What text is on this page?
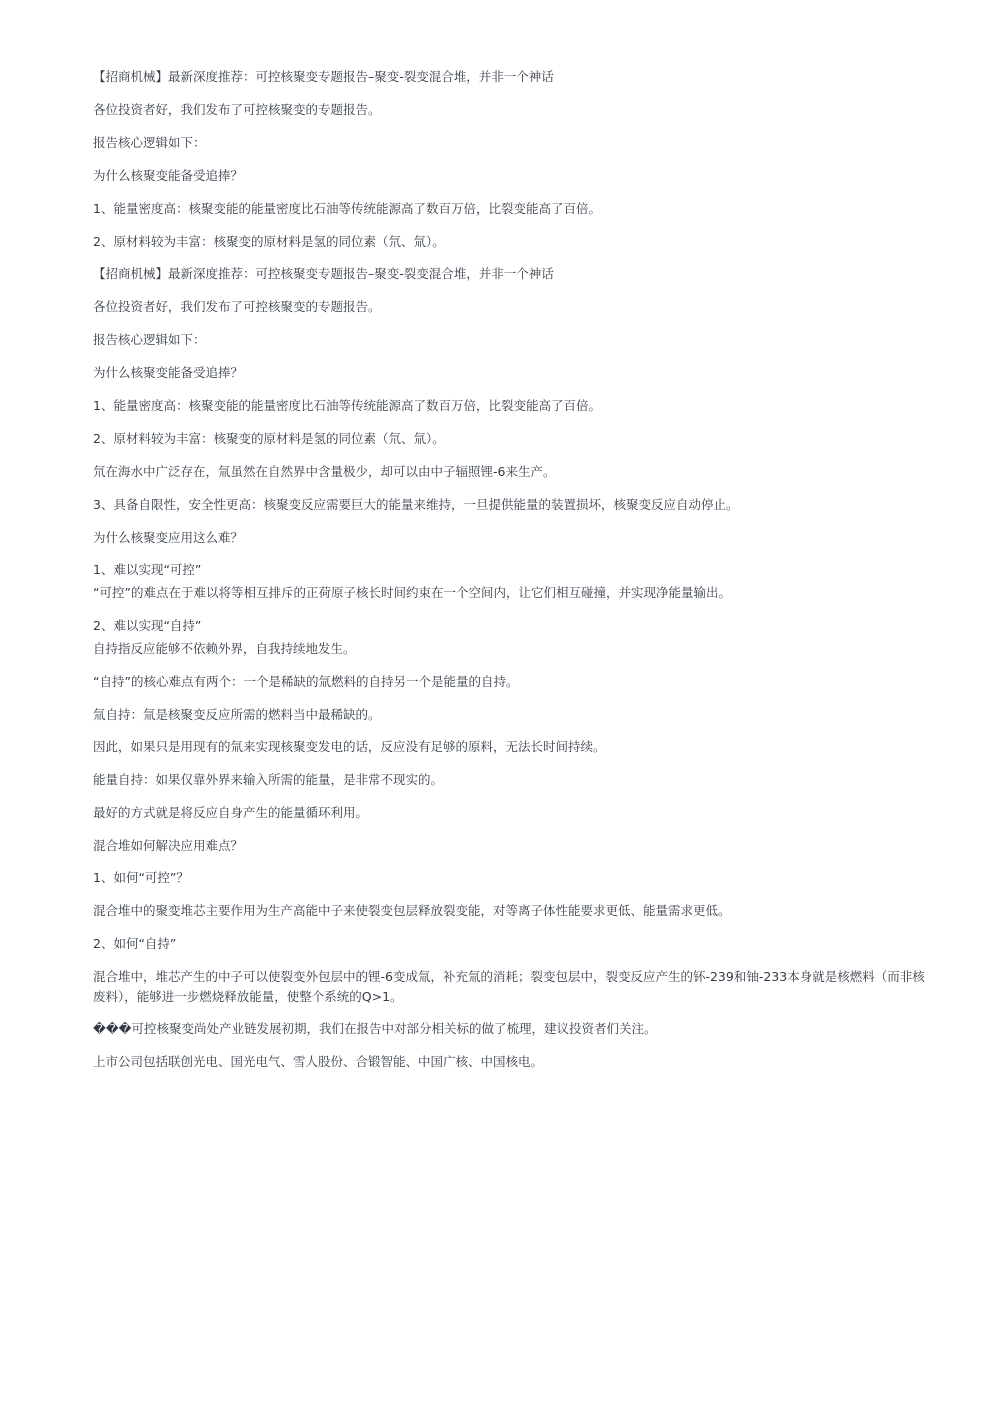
【招商机械】最新深度推荐：可控核聚变专题报告–聚变-裂变混合堆，并非一个神话

各位投资者好，我们发布了可控核聚变的专题报告。

报告核心逻辑如下：

为什么核聚变能备受追捧？

1、能量密度高：核聚变能的能量密度比石油等传统能源高了数百万倍，比裂变能高了百倍。

2、原材料较为丰富：核聚变的原材料是氢的同位素（氘、氚）。

【招商机械】最新深度推荐：可控核聚变专题报告–聚变-裂变混合堆，并非一个神话

各位投资者好，我们发布了可控核聚变的专题报告。

报告核心逻辑如下：

为什么核聚变能备受追捧？

1、能量密度高：核聚变能的能量密度比石油等传统能源高了数百万倍，比裂变能高了百倍。

2、原材料较为丰富：核聚变的原材料是氢的同位素（氘、氚）。

氘在海水中广泛存在，氚虽然在自然界中含量极少，却可以由中子辐照锂-6来生产。

3、具备自限性，安全性更高：核聚变反应需要巨大的能量来维持，一旦提供能量的装置损坏，核聚变反应自动停止。

为什么核聚变应用这么难？

1、难以实现“可控”

“可控”的难点在于难以将等相互排斥的正荷原子核长时间约束在一个空间内，让它们相互碰撞，并实现净能量输出。

2、难以实现“自持”

自持指反应能够不依赖外界，自我持续地发生。

“自持”的核心难点有两个：一个是稀缺的氚燃料的自持另一个是能量的自持。

氚自持：氚是核聚变反应所需的燃料当中最稀缺的。

因此，如果只是用现有的氚来实现核聚变发电的话，反应没有足够的原料，无法长时间持续。

能量自持：如果仅靠外界来输入所需的能量，是非常不现实的。

最好的方式就是将反应自身产生的能量循环利用。

混合堆如何解决应用难点？

1、如何“可控”？

混合堆中的聚变堆芯主要作用为生产高能中子来使裂变包层释放裂变能，对等离子体性能要求更低、能量需求更低。

2、如何“自持”

混合堆中，堆芯产生的中子可以使裂变外包层中的锂-6变成氚，补充氚的消耗；裂变包层中，裂变反应产生的钚-239和铀-233本身就是核燃料（而非核废料），能够进一步燃烧释放能量，使整个系统的Q>1。

���可控核聚变尚处产业链发展初期，我们在报告中对部分相关标的做了梳理，建议投资者们关注。

上市公司包括联创光电、国光电气、雪人股份、合锻智能、中国广核、中国核电。
